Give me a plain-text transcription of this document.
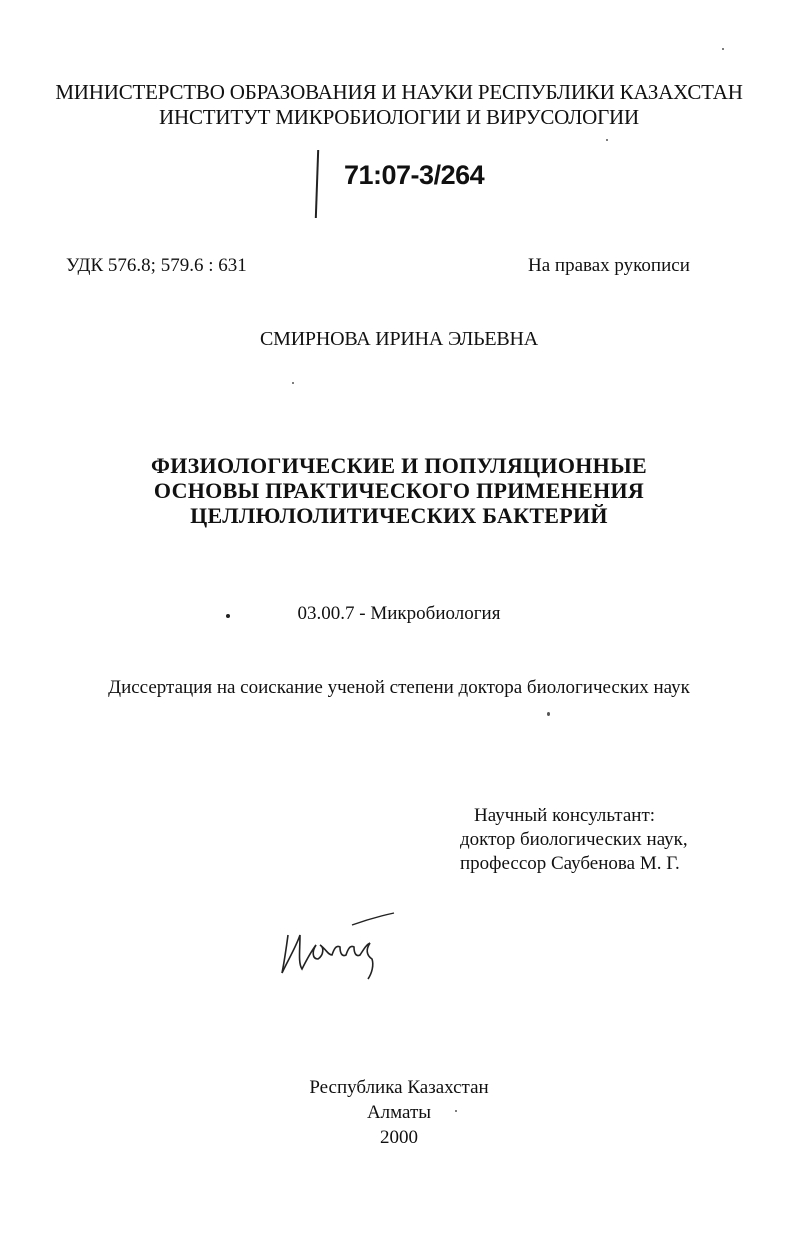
МИНИСТЕРСТВО ОБРАЗОВАНИЯ И НАУКИ РЕСПУБЛИКИ КАЗАХСТАН
ИНСТИТУТ МИКРОБИОЛОГИИ И ВИРУСОЛОГИИ
71:07-3/264
УДК 576.8; 579.6 : 631	На правах рукописи
СМИРНОВА ИРИНА ЭЛЬЕВНА
ФИЗИОЛОГИЧЕСКИЕ И ПОПУЛЯЦИОННЫЕ
ОСНОВЫ ПРАКТИЧЕСКОГО ПРИМЕНЕНИЯ
ЦЕЛЛЮЛОЛИТИЧЕСКИХ БАКТЕРИЙ
03.00.7 - Микробиология
Диссертация на соискание ученой степени доктора биологических наук
Научный консультант:
доктор биологических наук,
профессор Саубенова М. Г.
Республика Казахстан
Алматы
2000
